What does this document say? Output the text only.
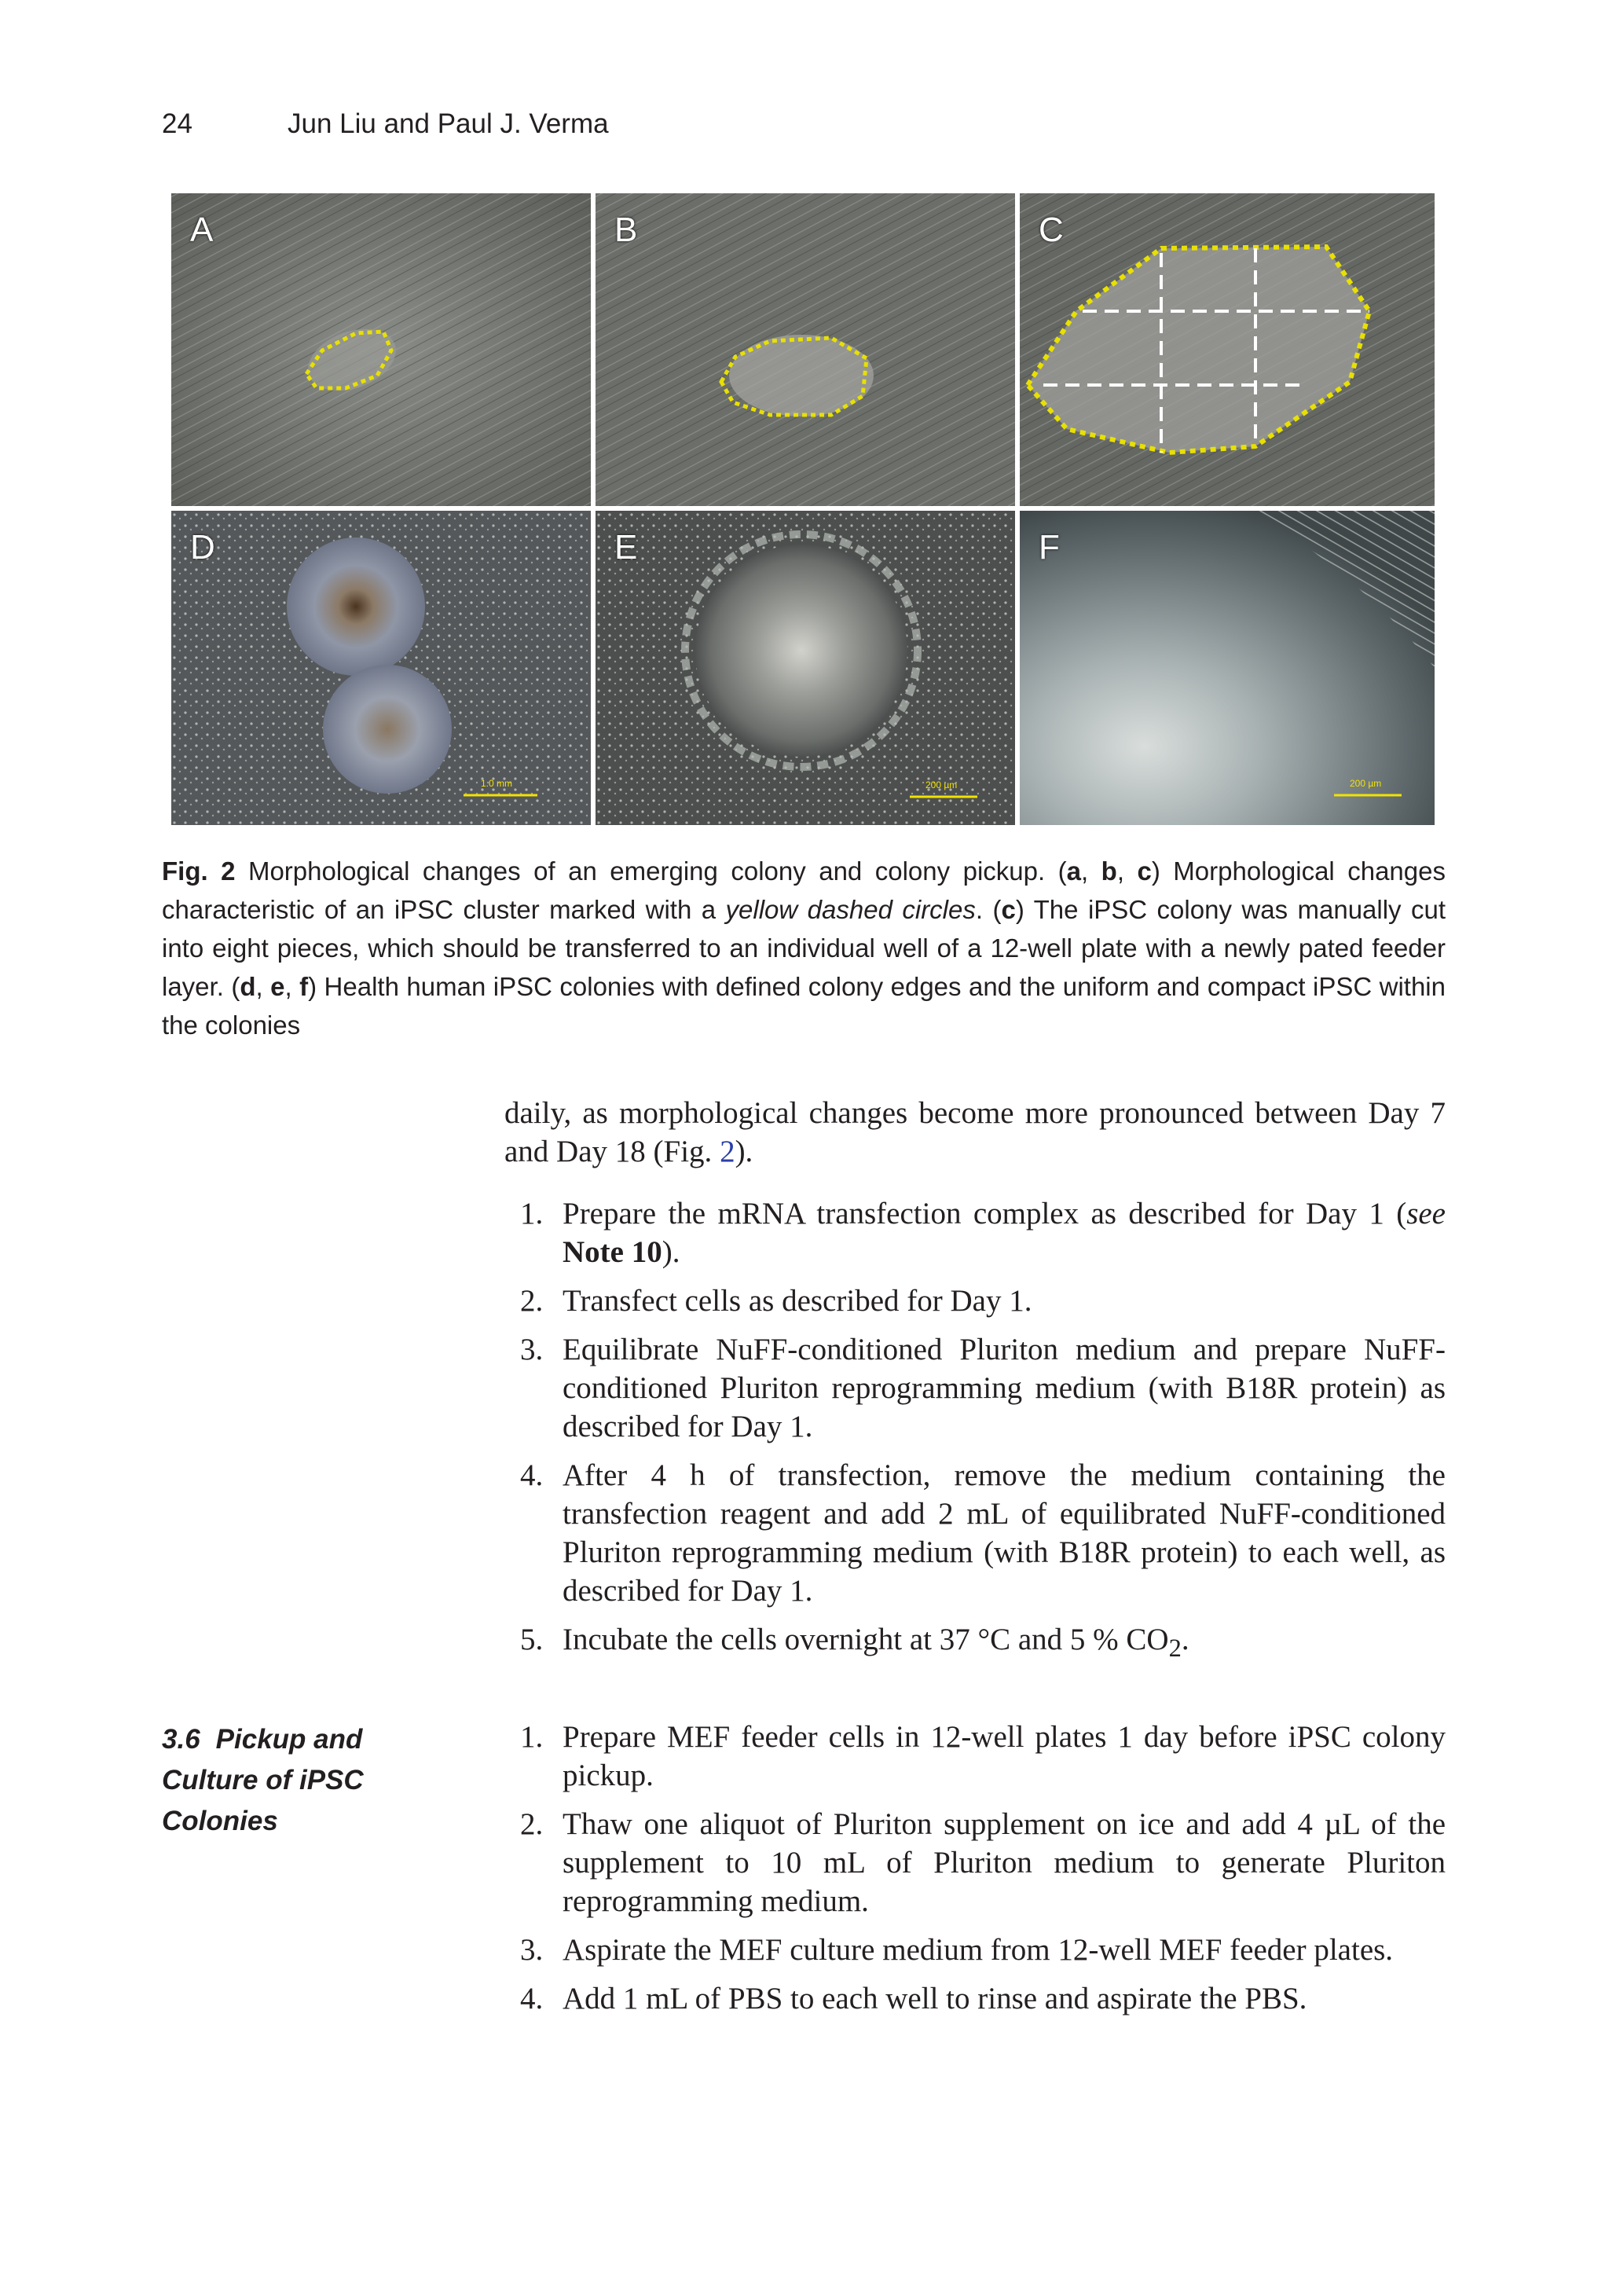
24	Jun Liu and Paul J. Verma
A	B	C
D
1.0 mm
E
200 µm
F
200 µm
Fig. 2 Morphological changes of an emerging colony and colony pickup. (a, b, c) Morphological changes characteristic of an iPSC cluster marked with a yellow dashed circles. (c) The iPSC colony was manually cut into eight pieces, which should be transferred to an individual well of a 12-well plate with a newly pated feeder layer. (d, e, f) Health human iPSC colonies with defined colony edges and the uniform and compact iPSC within the colonies
daily, as morphological changes become more pronounced between Day 7 and Day 18 (Fig. 2).
1. Prepare the mRNA transfection complex as described for Day 1 (see Note 10).
2. Transfect cells as described for Day 1.
3. Equilibrate NuFF-conditioned Pluriton medium and prepare NuFF-conditioned Pluriton reprogramming medium (with B18R protein) as described for Day 1.
4. After 4 h of transfection, remove the medium containing the transfection reagent and add 2 mL of equilibrated NuFF-conditioned Pluriton reprogramming medium (with B18R protein) to each well, as described for Day 1.
5. Incubate the cells overnight at 37 °C and 5 % $CO_2$.
3.6 Pickup and Culture of iPSC Colonies
1. Prepare MEF feeder cells in 12-well plates 1 day before iPSC colony pickup.
2. Thaw one aliquot of Pluriton supplement on ice and add 4 µL of the supplement to 10 mL of Pluriton medium to generate Pluriton reprogramming medium.
3. Aspirate the MEF culture medium from 12-well MEF feeder plates.
4. Add 1 mL of PBS to each well to rinse and aspirate the PBS.
